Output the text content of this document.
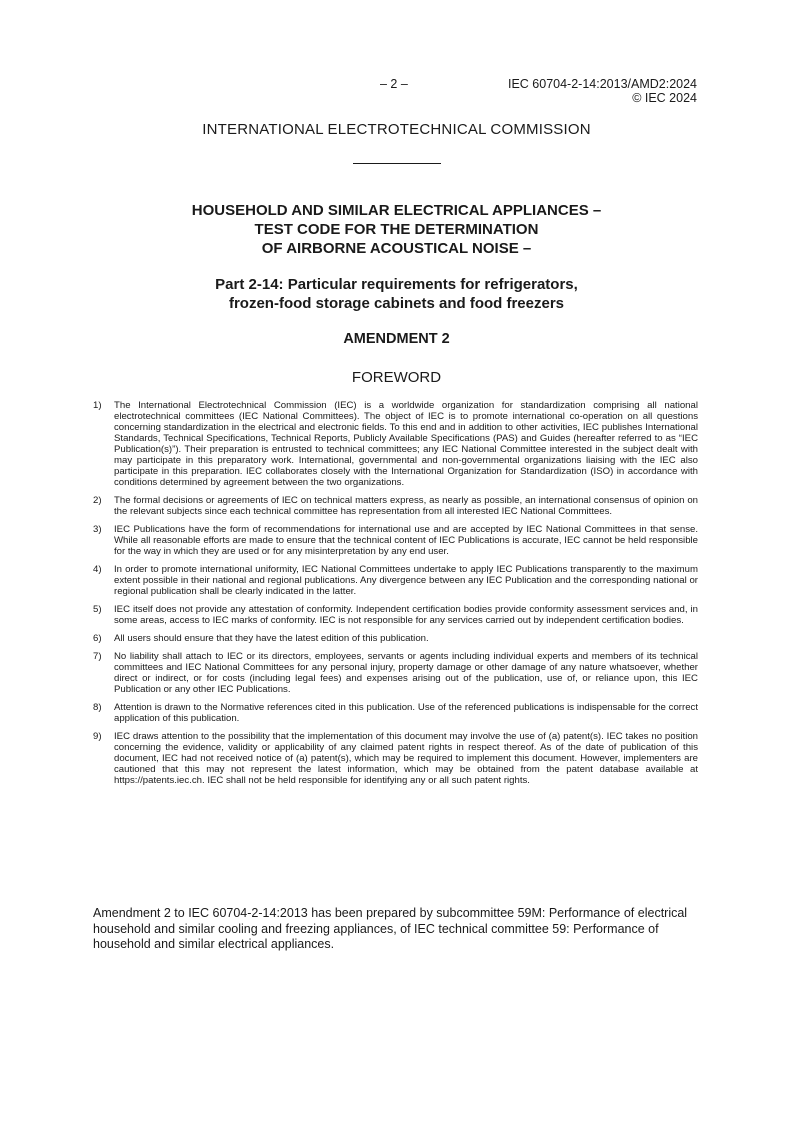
– 2 –	IEC 60704-2-14:2013/AMD2:2024
© IEC 2024
INTERNATIONAL ELECTROTECHNICAL COMMISSION
HOUSEHOLD AND SIMILAR ELECTRICAL APPLIANCES –
TEST CODE FOR THE DETERMINATION
OF AIRBORNE ACOUSTICAL NOISE –
Part 2-14: Particular requirements for refrigerators,
frozen-food storage cabinets and food freezers
AMENDMENT 2
FOREWORD
1) The International Electrotechnical Commission (IEC) is a worldwide organization for standardization comprising all national electrotechnical committees (IEC National Committees). The object of IEC is to promote international co-operation on all questions concerning standardization in the electrical and electronic fields. To this end and in addition to other activities, IEC publishes International Standards, Technical Specifications, Technical Reports, Publicly Available Specifications (PAS) and Guides (hereafter referred to as “IEC Publication(s)”). Their preparation is entrusted to technical committees; any IEC National Committee interested in the subject dealt with may participate in this preparatory work. International, governmental and non-governmental organizations liaising with the IEC also participate in this preparation. IEC collaborates closely with the International Organization for Standardization (ISO) in accordance with conditions determined by agreement between the two organizations.
2) The formal decisions or agreements of IEC on technical matters express, as nearly as possible, an international consensus of opinion on the relevant subjects since each technical committee has representation from all interested IEC National Committees.
3) IEC Publications have the form of recommendations for international use and are accepted by IEC National Committees in that sense. While all reasonable efforts are made to ensure that the technical content of IEC Publications is accurate, IEC cannot be held responsible for the way in which they are used or for any misinterpretation by any end user.
4) In order to promote international uniformity, IEC National Committees undertake to apply IEC Publications transparently to the maximum extent possible in their national and regional publications. Any divergence between any IEC Publication and the corresponding national or regional publication shall be clearly indicated in the latter.
5) IEC itself does not provide any attestation of conformity. Independent certification bodies provide conformity assessment services and, in some areas, access to IEC marks of conformity. IEC is not responsible for any services carried out by independent certification bodies.
6) All users should ensure that they have the latest edition of this publication.
7) No liability shall attach to IEC or its directors, employees, servants or agents including individual experts and members of its technical committees and IEC National Committees for any personal injury, property damage or other damage of any nature whatsoever, whether direct or indirect, or for costs (including legal fees) and expenses arising out of the publication, use of, or reliance upon, this IEC Publication or any other IEC Publications.
8) Attention is drawn to the Normative references cited in this publication. Use of the referenced publications is indispensable for the correct application of this publication.
9) IEC draws attention to the possibility that the implementation of this document may involve the use of (a) patent(s). IEC takes no position concerning the evidence, validity or applicability of any claimed patent rights in respect thereof. As of the date of publication of this document, IEC had not received notice of (a) patent(s), which may be required to implement this document. However, implementers are cautioned that this may not represent the latest information, which may be obtained from the patent database available at https://patents.iec.ch. IEC shall not be held responsible for identifying any or all such patent rights.

Amendment 2 to IEC 60704-2-14:2013 has been prepared by subcommittee 59M: Performance of electrical household and similar cooling and freezing appliances, of IEC technical committee 59: Performance of household and similar electrical appliances.
